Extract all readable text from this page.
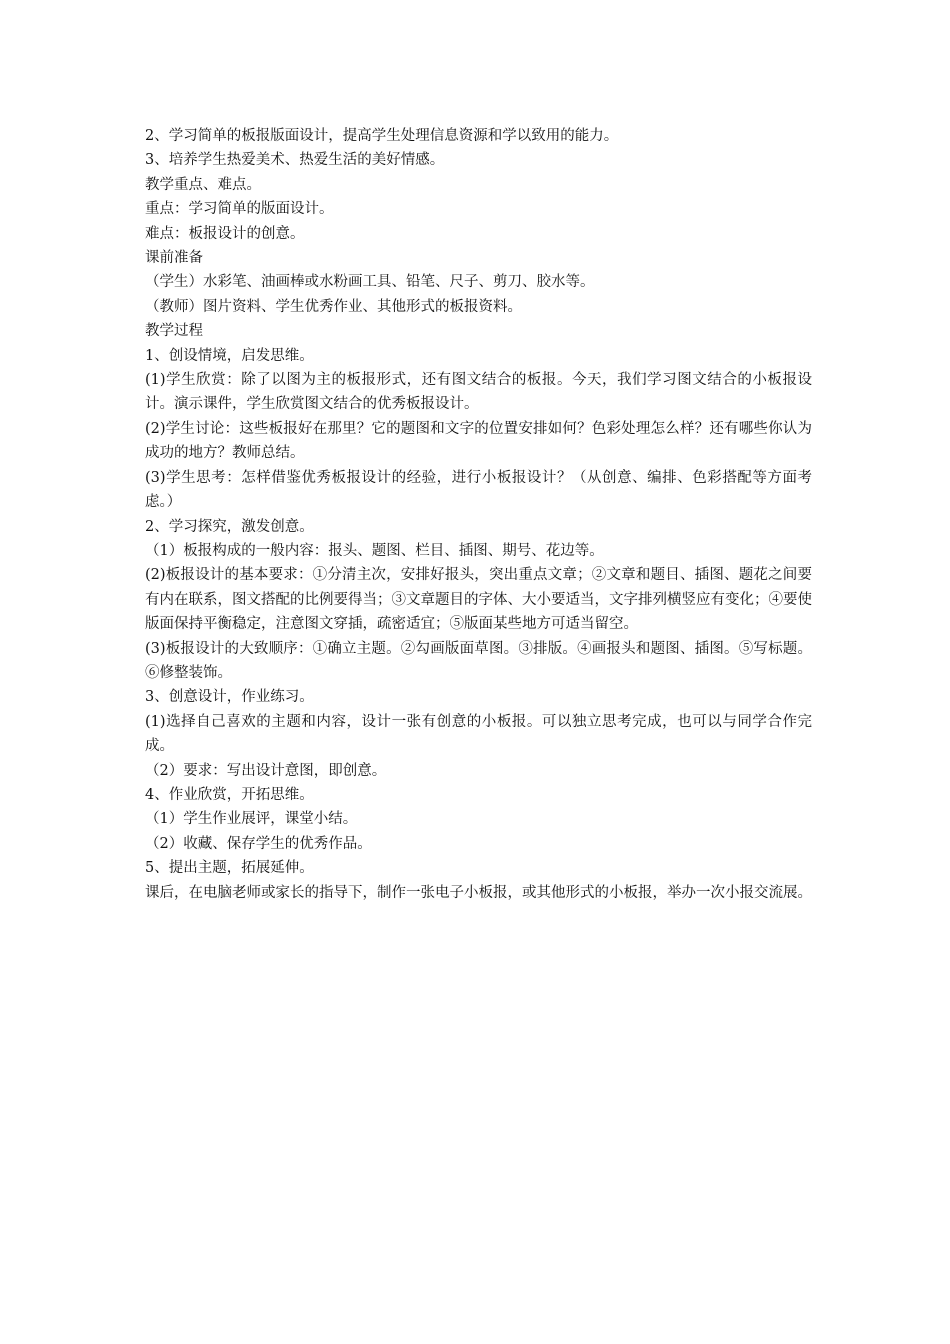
2、学习简单的板报版面设计，提高学生处理信息资源和学以致用的能力。

3、培养学生热爱美术、热爱生活的美好情感。

教学重点、难点。

重点：学习简单的版面设计。

难点：板报设计的创意。

课前准备

（学生）水彩笔、油画棒或水粉画工具、铅笔、尺子、剪刀、胶水等。

（教师）图片资料、学生优秀作业、其他形式的板报资料。

教学过程

1、创设情境，启发思维。

(1)学生欣赏：除了以图为主的板报形式，还有图文结合的板报。今天，我们学习图文结合的小板报设计。演示课件，学生欣赏图文结合的优秀板报设计。

(2)学生讨论：这些板报好在那里？它的题图和文字的位置安排如何？色彩处理怎么样？还有哪些你认为成功的地方？教师总结。

(3)学生思考：怎样借鉴优秀板报设计的经验，进行小板报设计？（从创意、编排、色彩搭配等方面考虑。）

2、学习探究，激发创意。

（1）板报构成的一般内容：报头、题图、栏目、插图、期号、花边等。

(2)板报设计的基本要求：①分清主次，安排好报头，突出重点文章；②文章和题目、插图、题花之间要有内在联系，图文搭配的比例要得当；③文章题目的字体、大小要适当，文字排列横竖应有变化；④要使版面保持平衡稳定，注意图文穿插，疏密适宜；⑤版面某些地方可适当留空。

(3)板报设计的大致顺序：①确立主题。②勾画版面草图。③排版。④画报头和题图、插图。⑤写标题。⑥修整装饰。

3、创意设计，作业练习。

(1)选择自己喜欢的主题和内容，设计一张有创意的小板报。可以独立思考完成，也可以与同学合作完成。

（2）要求：写出设计意图，即创意。

4、作业欣赏，开拓思维。

（1）学生作业展评，课堂小结。

（2）收藏、保存学生的优秀作品。

5、提出主题，拓展延伸。

课后，在电脑老师或家长的指导下，制作一张电子小板报，或其他形式的小板报，举办一次小报交流展。
